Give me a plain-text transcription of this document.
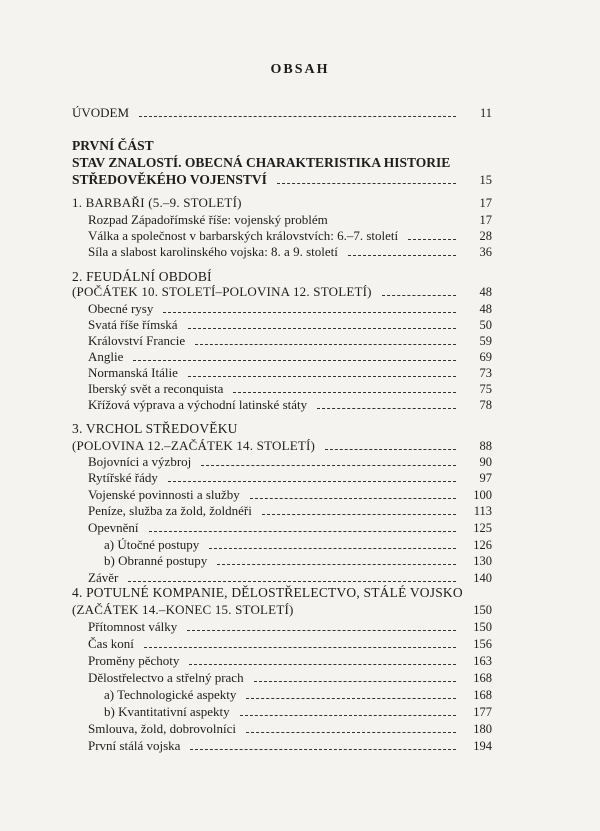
OBSAH
ÚVODEM	11
PRVNÍ ČÁST
STAV ZNALOSTÍ. OBECNÁ CHARAKTERISTIKA HISTORIE
STŘEDOVĚKÉHO VOJENSTVÍ	15
1. BARBAŘI (5.–9. STOLETÍ)	17
Rozpad Západořímské říše: vojenský problém	17
Válka a společnost v barbarských královstvích: 6.–7. století	28
Síla a slabost karolinského vojska: 8. a 9. století	36
2. FEUDÁLNÍ OBDOBÍ
(POČÁTEK 10. STOLETÍ–POLOVINA 12. STOLETÍ)	48
Obecné rysy	48
Svatá říše římská	50
Království Francie	59
Anglie	69
Normanská Itálie	73
Iberský svět a reconquista	75
Křížová výprava a východní latinské státy	78
3. VRCHOL STŘEDOVĚKU
(POLOVINA 12.–ZAČÁTEK 14. STOLETÍ)	88
Bojovníci a výzbroj	90
Rytířské řády	97
Vojenské povinnosti a služby	100
Peníze, služba za žold, žoldnéři	113
Opevnění	125
a) Útočné postupy	126
b) Obranné postupy	130
Závěr	140
4. POTULNÉ KOMPANIE, DĚLOSTŘELECTVO, STÁLÉ VOJSKO
(ZAČÁTEK 14.–KONEC 15. STOLETÍ)	150
Přítomnost války	150
Čas koní	156
Proměny pěchoty	163
Dělostřelectvo a střelný prach	168
a) Technologické aspekty	168
b) Kvantitativní aspekty	177
Smlouva, žold, dobrovolníci	180
První stálá vojska	194
